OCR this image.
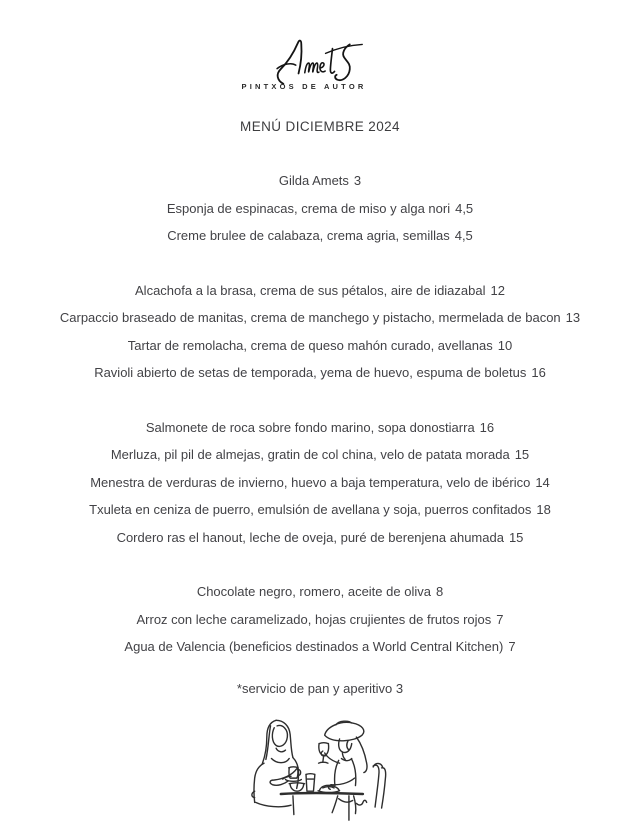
PINTXOS DE AUTOR
MENÚ DICIEMBRE 2024
Gilda Amets 3
Esponja de espinacas, crema de miso y alga nori 4,5
Creme brulee de calabaza, crema agria, semillas 4,5
Alcachofa a la brasa, crema de sus pétalos, aire de idiazabal 12
Carpaccio braseado de manitas, crema de manchego y pistacho, mermelada de bacon 13
Tartar de remolacha, crema de queso mahón curado, avellanas 10
Ravioli abierto de setas de temporada, yema de huevo, espuma de boletus 16
Salmonete de roca sobre fondo marino, sopa donostiarra 16
Merluza, pil pil de almejas, gratin de col china, velo de patata morada 15
Menestra de verduras de invierno, huevo a baja temperatura, velo de ibérico 14
Txuleta en ceniza de puerro, emulsión de avellana y soja, puerros confitados 18
Cordero ras el hanout, leche de oveja, puré de berenjena ahumada 15
Chocolate negro, romero, aceite de oliva 8
Arroz con leche caramelizado, hojas crujientes de frutos rojos 7
Agua de Valencia (beneficios destinados a World Central Kitchen) 7
*servicio de pan y aperitivo 3
